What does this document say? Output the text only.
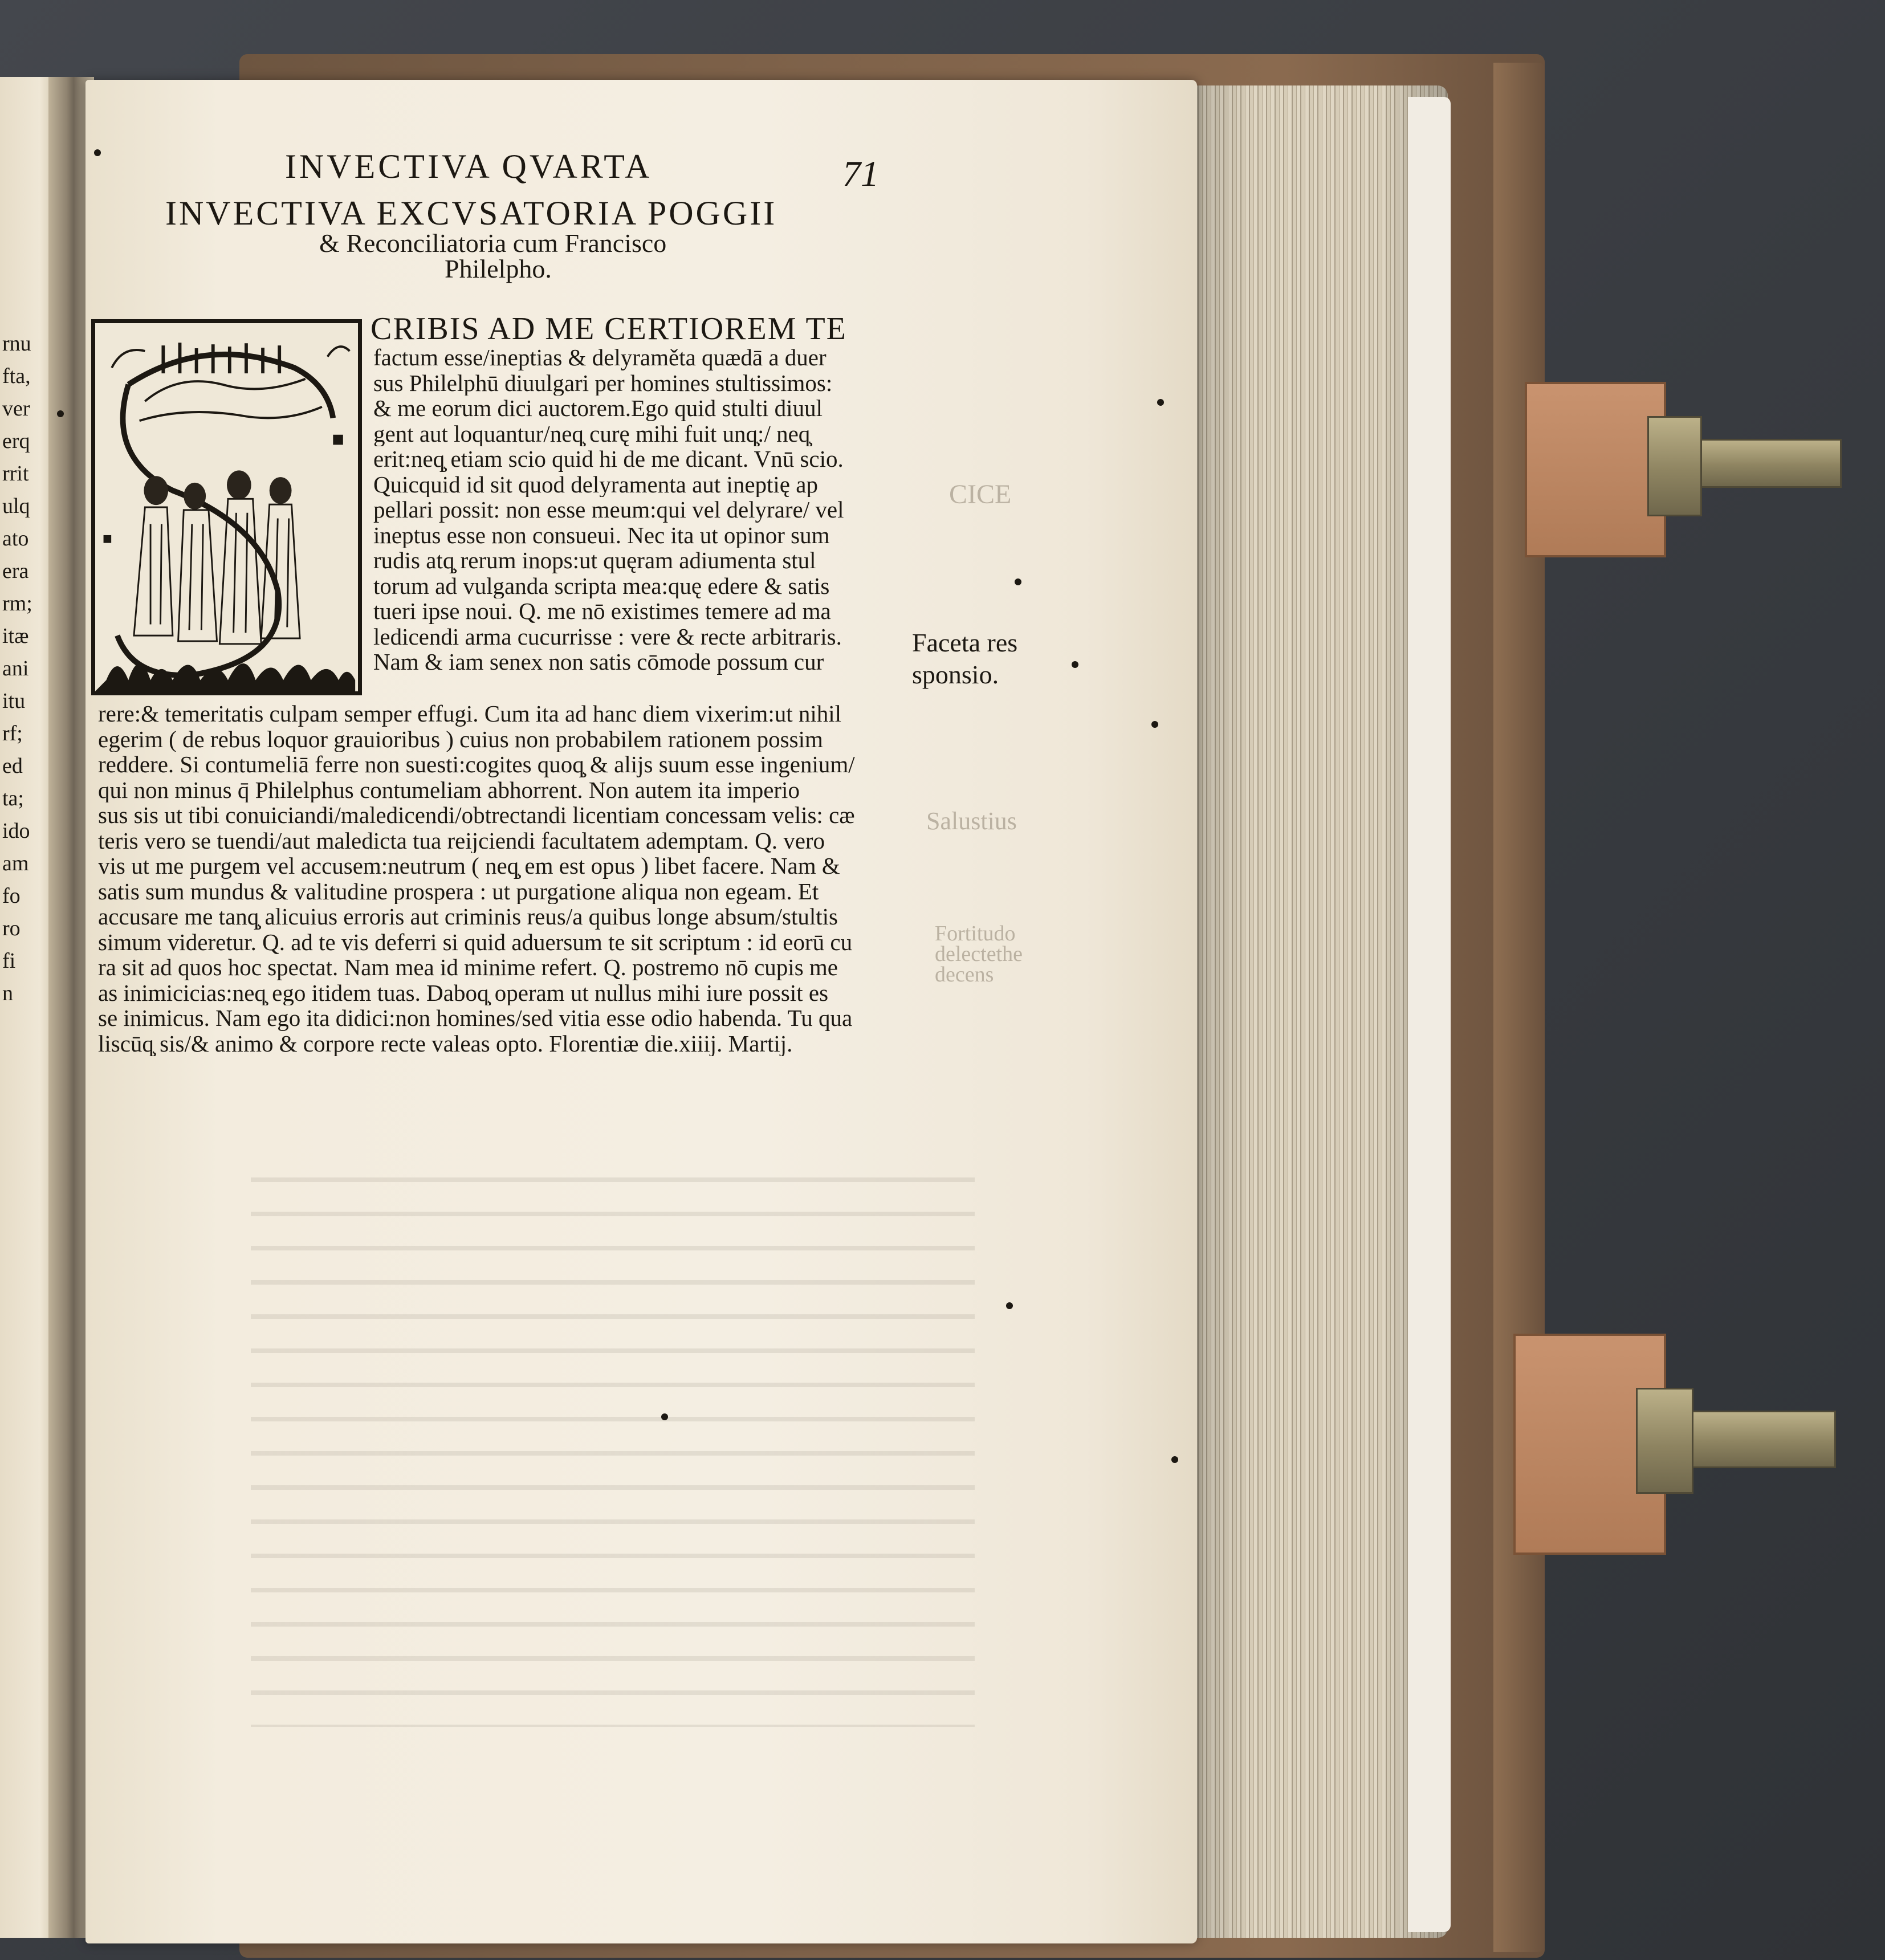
rnu
fta,
ver
erq
rrit
ulq
ato
era
rm;
itæ
ani
itu
rf;
ed
ta;
ido
am
fo
ro
fi
n
INVECTIVA QVARTA	71
INVECTIVA EXCVSATORIA POGGII
& Reconciliatoria cum Francisco
Philelpho.
CRIBIS AD ME CERTIOREM TE
factum esse/ineptias & delyraměta quædā a duer
sus Philelphū diuulgari per homines stultissimos:
& me eorum dici auctorem.Ego quid stulti diuul
gent aut loquantur/neq̧ curę mihi fuit unq̧:/ neq̧
erit:neq̧ etiam scio quid hi de me dicant. Vnū scio.
Quicquid id sit quod delyramenta aut ineptię ap
pellari possit: non esse meum:qui vel delyrare/ vel
ineptus esse non consueui. Nec ita ut opinor sum
rudis atq̧ rerum inops:ut quęram adiumenta stul
torum ad vulganda scripta mea:quę edere & satis
tueri ipse noui. Q. me nō existimes temere ad ma
ledicendi arma cucurrisse : vere & recte arbitraris.
Nam & iam senex non satis cōmode possum cur
rere:& temeritatis culpam semper effugi. Cum ita ad hanc diem vixerim:ut nihil
egerim ( de rebus loquor grauioribus ) cuius non probabilem rationem possim
reddere. Si contumeliā ferre non suesti:cogites quoq̧ & alijs suum esse ingenium/
qui non minus q̄ Philelphus contumeliam abhorrent. Non autem ita imperio
sus sis ut tibi conuiciandi/maledicendi/obtrectandi licentiam concessam velis: cæ
teris vero se tuendi/aut maledicta tua reijciendi facultatem ademptam. Q. vero
vis ut me purgem vel accusem:neutrum ( neq̧ em est opus ) libet facere. Nam &
satis sum mundus & valitudine prospera : ut purgatione aliqua non egeam. Et
accusare me tanq̧ alicuius erroris aut criminis reus/a quibus longe absum/stultis
simum videretur. Q. ad te vis deferri si quid aduersum te sit scriptum : id eorū cu
ra sit ad quos hoc spectat. Nam mea id minime refert. Q. postremo nō cupis me
as inimicicias:neq̧ ego itidem tuas. Daboq̧ operam ut nullus mihi iure possit es
se inimicus. Nam ego ita didici:non homines/sed vitia esse odio habenda. Tu qua
liscūq̧ sis/& animo & corpore recte valeas opto. Florentiæ die.xiiij. Martij.
Faceta res
sponsio.
CICE
Salustius
Fortitudo
delectethe
decens
